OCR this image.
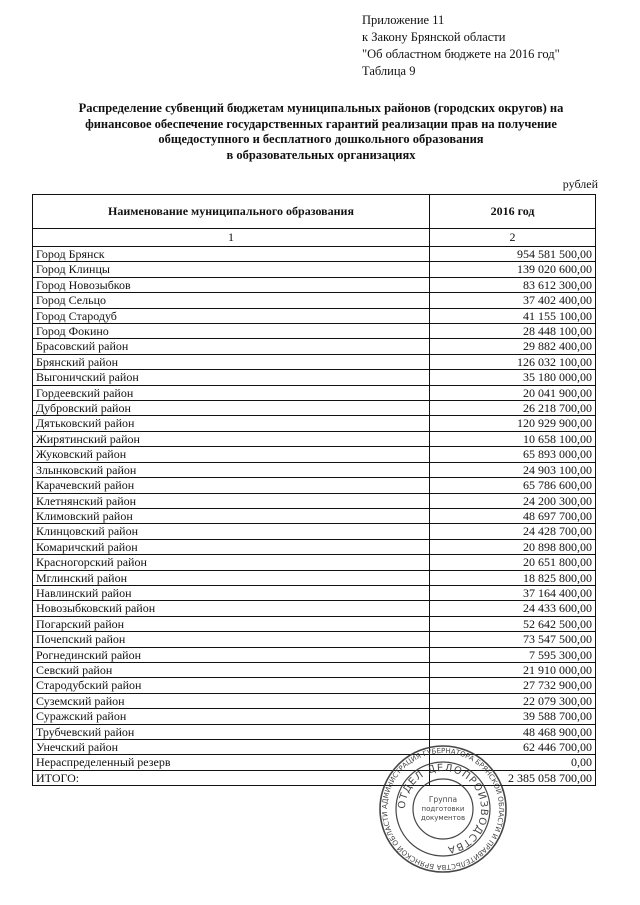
Приложение 11
к Закону Брянской области
"Об областном бюджете на 2016 год"
Таблица 9
Распределение субвенций бюджетам муниципальных районов (городских округов) на
финансовое обеспечение государственных гарантий реализации прав на получение
общедоступного и бесплатного дошкольного образования
в образовательных организациях
рублей
Наименование муниципального образования	2016 год
1	2
Город Брянск	954 581 500,00
Город Клинцы	139 020 600,00
Город Новозыбков	83 612 300,00
Город Сельцо	37 402 400,00
Город Стародуб	41 155 100,00
Город Фокино	28 448 100,00
Брасовский район	29 882 400,00
Брянский район	126 032 100,00
Выгоничский район	35 180 000,00
Гордеевский район	20 041 900,00
Дубровский район	26 218 700,00
Дятьковский район	120 929 900,00
Жирятинский район	10 658 100,00
Жуковский район	65 893 000,00
Злынковский район	24 903 100,00
Карачевский район	65 786 600,00
Клетнянский район	24 200 300,00
Климовский район	48 697 700,00
Клинцовский район	24 428 700,00
Комаричский район	20 898 800,00
Красногорский район	20 651 800,00
Мглинский район	18 825 800,00
Навлинский район	37 164 400,00
Новозыбковский район	24 433 600,00
Погарский район	52 642 500,00
Почепский район	73 547 500,00
Рогнединский район	7 595 300,00
Севский район	21 910 000,00
Стародубский район	27 732 900,00
Суземский район	22 079 300,00
Суражский район	39 588 700,00
Трубчевский район	48 468 900,00
Унечский район	62 446 700,00
Нераспределенный резерв	0,00
ИТОГО:	2 385 058 700,00
АДМИНИСТРАЦИЯ ГУБЕРНАТОРА БРЯНСКОЙ ОБЛАСТИ И ПРАВИТЕЛЬСТВА БРЯНСКОЙ ОБЛАСТИ
ОТДЕЛ ДЕЛОПРОИЗВОДСТВА
Группа
подготовки
документов
